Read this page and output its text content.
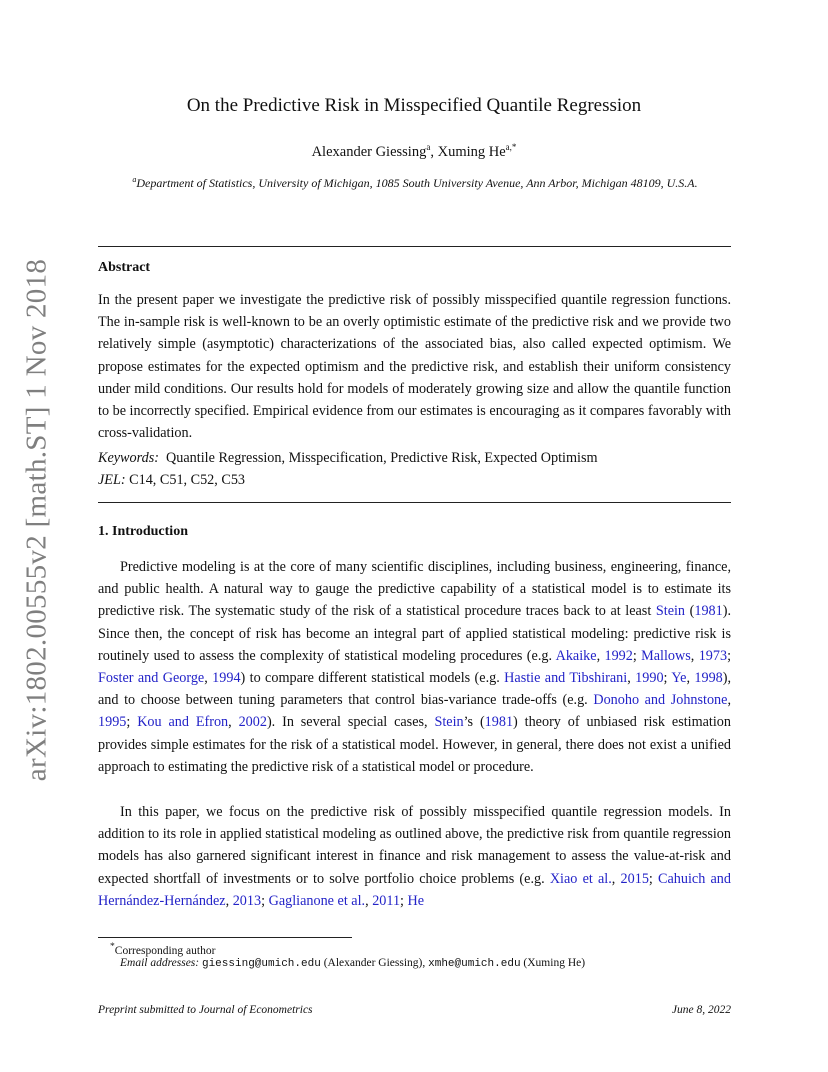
arXiv:1802.00555v2 [math.ST] 1 Nov 2018
On the Predictive Risk in Misspecified Quantile Regression
Alexander Giessing$^a$, Xuming $He^{a,*}$
$^a$Department of Statistics, University of Michigan, 1085 South University Avenue, Ann Arbor, Michigan 48109, U.S.A.
Abstract

In the present paper we investigate the predictive risk of possibly misspecified quantile regression functions. The in-sample risk is well-known to be an overly optimistic estimate of the predictive risk and we provide two relatively simple (asymptotic) characterizations of the associated bias, also called expected optimism. We propose estimates for the expected optimism and the predictive risk, and establish their uniform consistency under mild conditions. Our results hold for models of moderately growing size and allow the quantile function to be incorrectly specified. Empirical evidence from our estimates is encouraging as it compares favorably with cross-validation.

Keywords: Quantile Regression, Misspecification, Predictive Risk, Expected Optimism
JEL: C14, C51, C52, C53
1. Introduction

Predictive modeling is at the core of many scientific disciplines, including business, engineering, finance, and public health. A natural way to gauge the predictive capability of a statistical model is to estimate its predictive risk. The systematic study of the risk of a statistical procedure traces back to at least Stein (1981). Since then, the concept of risk has become an integral part of applied statistical modeling: predictive risk is routinely used to assess the complexity of statistical modeling procedures (e.g. Akaike, 1992; Mallows, 1973; Foster and George, 1994) to compare different statistical models (e.g. Hastie and Tibshirani, 1990; Ye, 1998), and to choose between tuning parameters that control bias-variance trade-offs (e.g. Donoho and Johnstone, 1995; Kou and Efron, 2002). In several special cases, Stein’s (1981) theory of unbiased risk estimation provides simple estimates for the risk of a statistical model. However, in general, there does not exist a unified approach to estimating the predictive risk of a statistical model or procedure.

In this paper, we focus on the predictive risk of possibly misspecified quantile regression models. In addition to its role in applied statistical modeling as outlined above, the predictive risk from quantile regression models has also garnered significant interest in finance and risk management to assess the value-at-risk and expected shortfall of investments or to solve portfolio choice problems (e.g. Xiao et al., 2015; Cahuich and Hernández-Hernández, 2013; Gaglianone et al., 2011; He

*Corresponding author
Email addresses: giessing@umich.edu (Alexander Giessing), xmhe@umich.edu (Xuming He)
Preprint submitted to Journal of Econometrics	June 8, 2022
